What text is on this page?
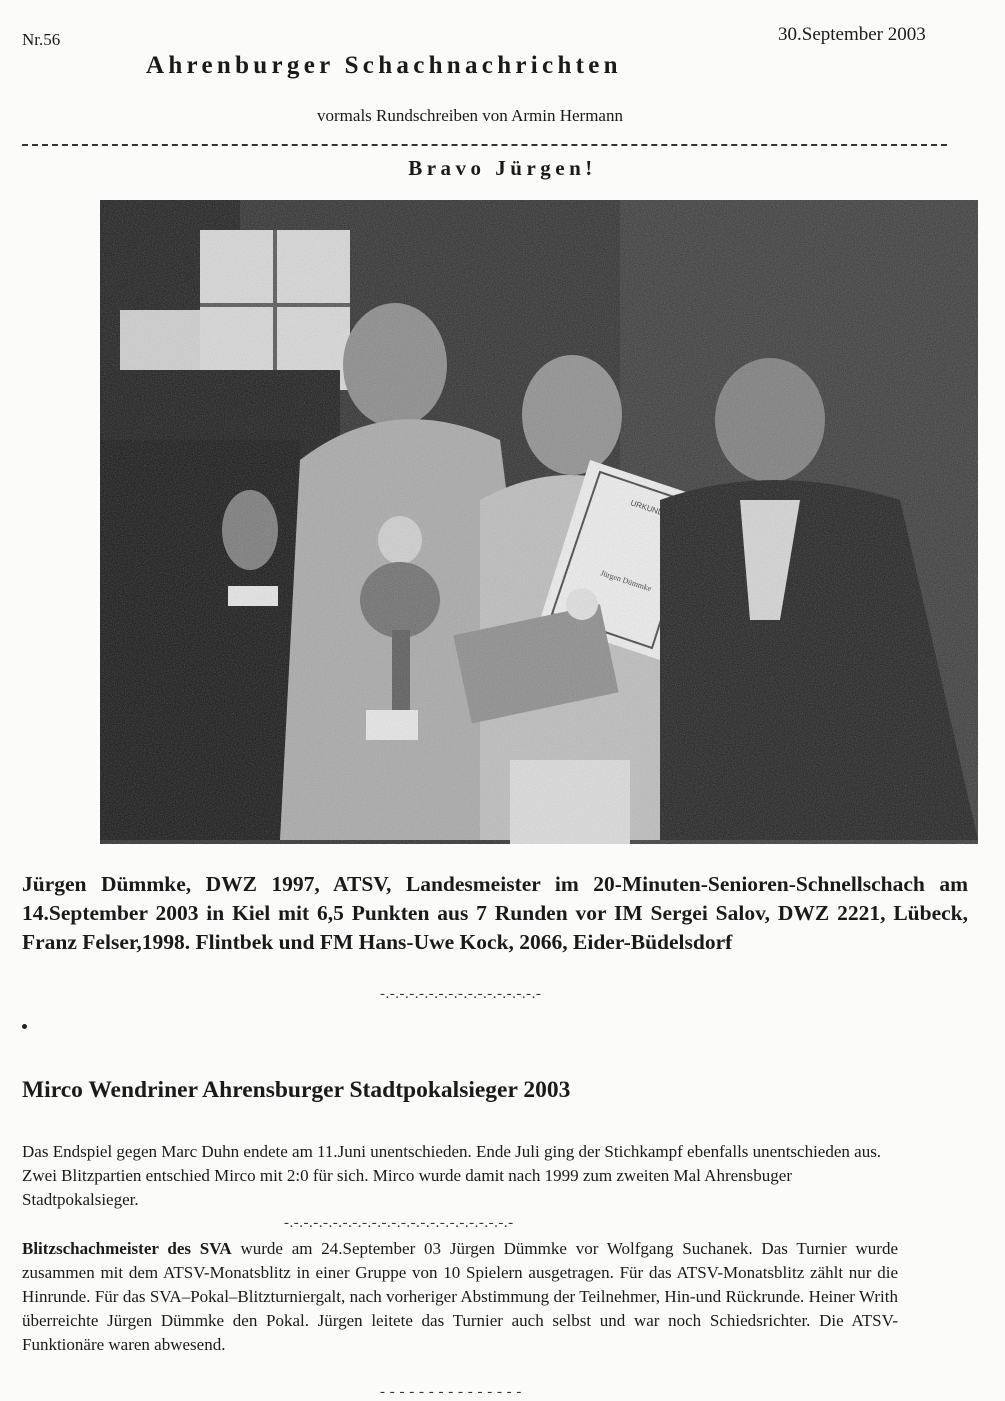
Nr.56	30.September 2003
Ahrenburger Schachnachrichten
vormals Rundschreiben von Armin Hermann
Bravo Jürgen!
Jürgen Dümmke, DWZ 1997, ATSV, Landesmeister im 20-Minuten-Senioren-Schnellschach am 14.September 2003 in Kiel mit 6,5 Punkten aus 7 Runden vor IM Sergei Salov, DWZ 2221, Lübeck, Franz Felser,1998. Flintbek und FM Hans-Uwe Kock, 2066, Eider-Büdelsdorf
-.-.-.-.-.-.-.-.-.-.-.-.-.-.-.-.-
Mirco Wendriner Ahrensburger Stadtpokalsieger 2003
Das Endspiel gegen Marc Duhn endete am 11.Juni unentschieden. Ende Juli ging der Stichkampf ebenfalls unentschieden aus. Zwei Blitzpartien entschied Mirco mit 2:0 für sich. Mirco wurde damit nach 1999 zum zweiten Mal Ahrensbuger Stadtpokalsieger.
-.-.-.-.-.-.-.-.-.-.-.-.-.-.-.-.-.-.-.-.-.-.-.-
Blitzschachmeister des SVA wurde am 24.September 03 Jürgen Dümmke vor Wolfgang Suchanek. Das Turnier wurde zusammen mit dem ATSV-Monatsblitz in einer Gruppe von 10 Spielern ausgetragen. Für das ATSV-Monatsblitz zählt nur die Hinrunde. Für das SVA–Pokal–Blitzturniergalt, nach vorheriger Abstimmung der Teilnehmer, Hin-und Rückrunde. Heiner Writh überreichte Jürgen Dümmke den Pokal. Jürgen leitete das Turnier auch selbst und war noch Schiedsrichter. Die ATSV-Funktionäre waren abwesend.
- - - - - - - - - - - - - - -
